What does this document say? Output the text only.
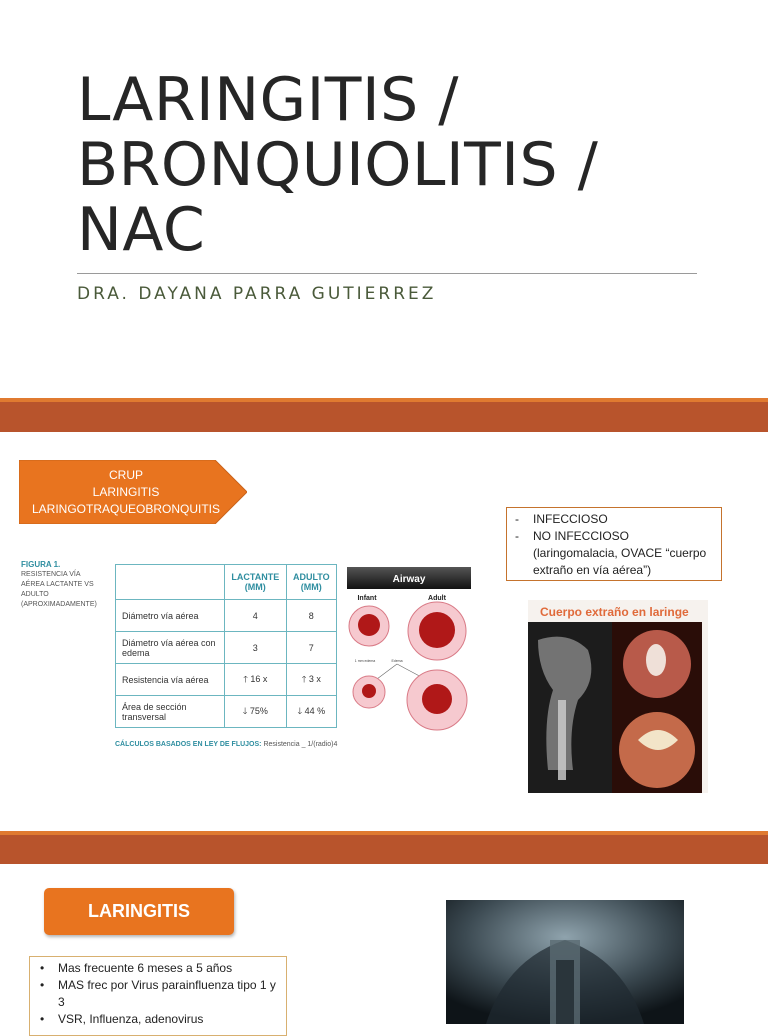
LARINGITIS /
BRONQUIOLITIS /
NAC
DRA. DAYANA PARRA GUTIERREZ
CRUP
LARINGITIS
LARINGOTRAQUEOBRONQUITIS
- INFECCIOSO
- NO INFECCIOSO (laringomalacia, OVACE “cuerpo extraño en vía aérea”)
FIGURA 1.
RESISTENCIA VÍA AÉREA LACTANTE VS ADULTO (APROXIMADAMENTE)
	LACTANTE (MM)	ADULTO (MM)
Diámetro vía aérea	4	8
Diámetro vía aérea con edema	3	7
Resistencia vía aérea	🡑 16 x	🡑 3 x
Área de sección transversal	🡓 75%	🡓 44 %
CÁLCULOS BASADOS EN LEY DE FLUJOS: Resistencia _ 1/(radio)4
Airway
Infant	Adult
1 mm edema	Edema
Cuerpo extraño en laringe
LARINGITIS
• Mas frecuente 6 meses a 5 años
• MAS frec por Virus parainfluenza tipo 1 y 3
• VSR, Influenza, adenovirus
